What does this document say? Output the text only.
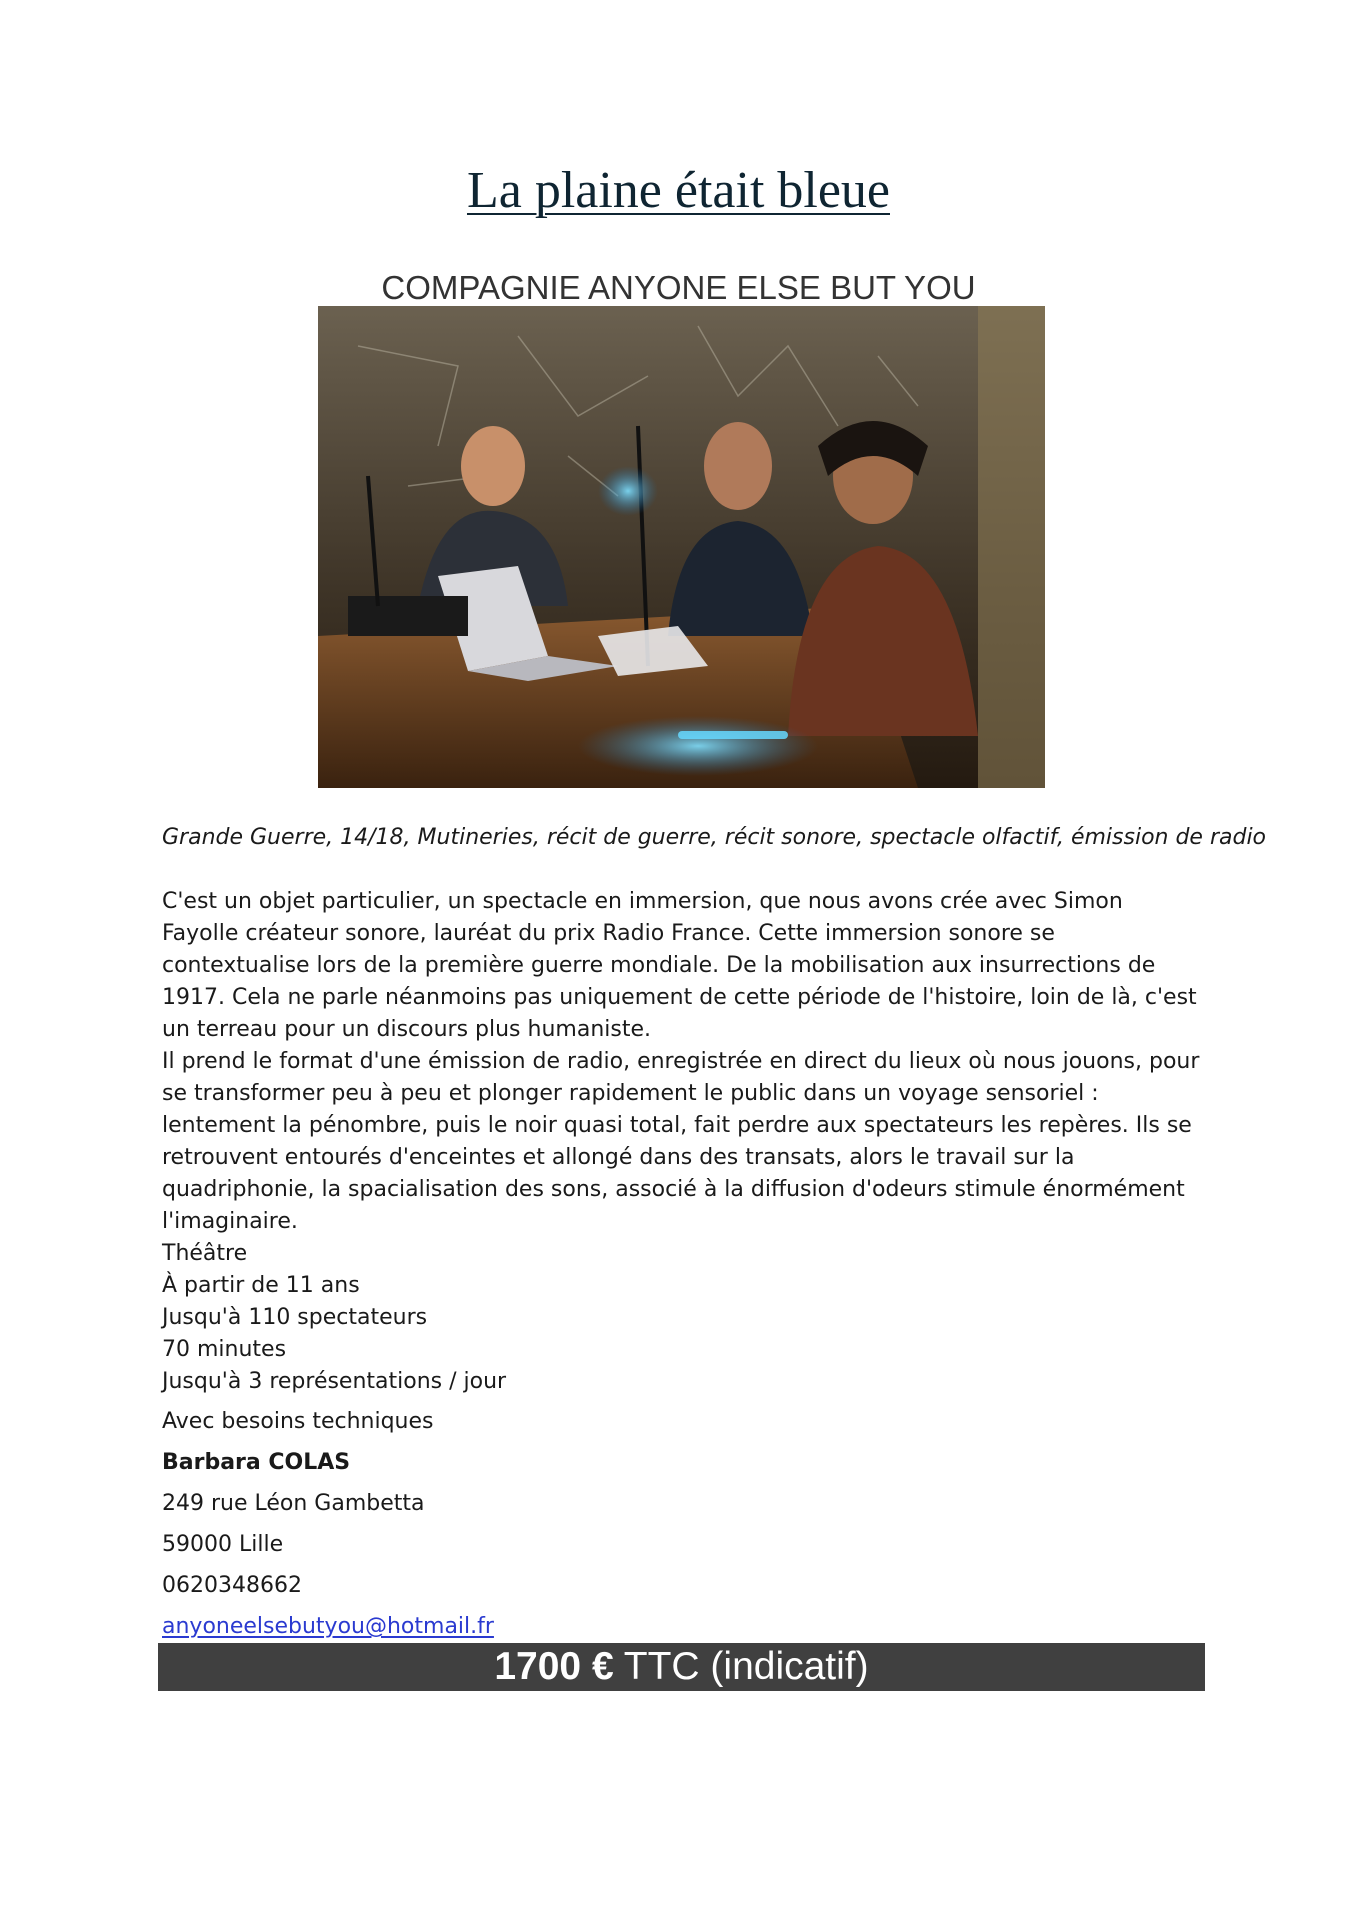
La plaine était bleue
COMPAGNIE ANYONE ELSE BUT YOU
Grande Guerre, 14/18, Mutineries, récit de guerre, récit sonore, spectacle olfactif, émission de radio

C'est un objet particulier, un spectacle en immersion, que nous avons crée avec Simon Fayolle créateur sonore, lauréat du prix Radio France. Cette immersion sonore se contextualise lors de la première guerre mondiale. De la mobilisation aux insurrections de 1917. Cela ne parle néanmoins pas uniquement de cette période de l'histoire, loin de là, c'est un terreau pour un discours plus humaniste.

Il prend le format d'une émission de radio, enregistrée en direct du lieux où nous jouons, pour se transformer peu à peu et plonger rapidement le public dans un voyage sensoriel : lentement la pénombre, puis le noir quasi total, fait perdre aux spectateurs les repères. Ils se retrouvent entourés d'enceintes et allongé dans des transats, alors le travail sur la quadriphonie, la spacialisation des sons, associé à la diffusion d'odeurs stimule énormément l'imaginaire.

Théâtre
À partir de 11 ans
Jusqu'à 110 spectateurs
70 minutes
Jusqu'à 3 représentations / jour
Avec besoins techniques
Barbara COLAS
249 rue Léon Gambetta
59000 Lille
0620348662
anyoneelsebutyou@hotmail.fr
1700 € TTC (indicatif)
